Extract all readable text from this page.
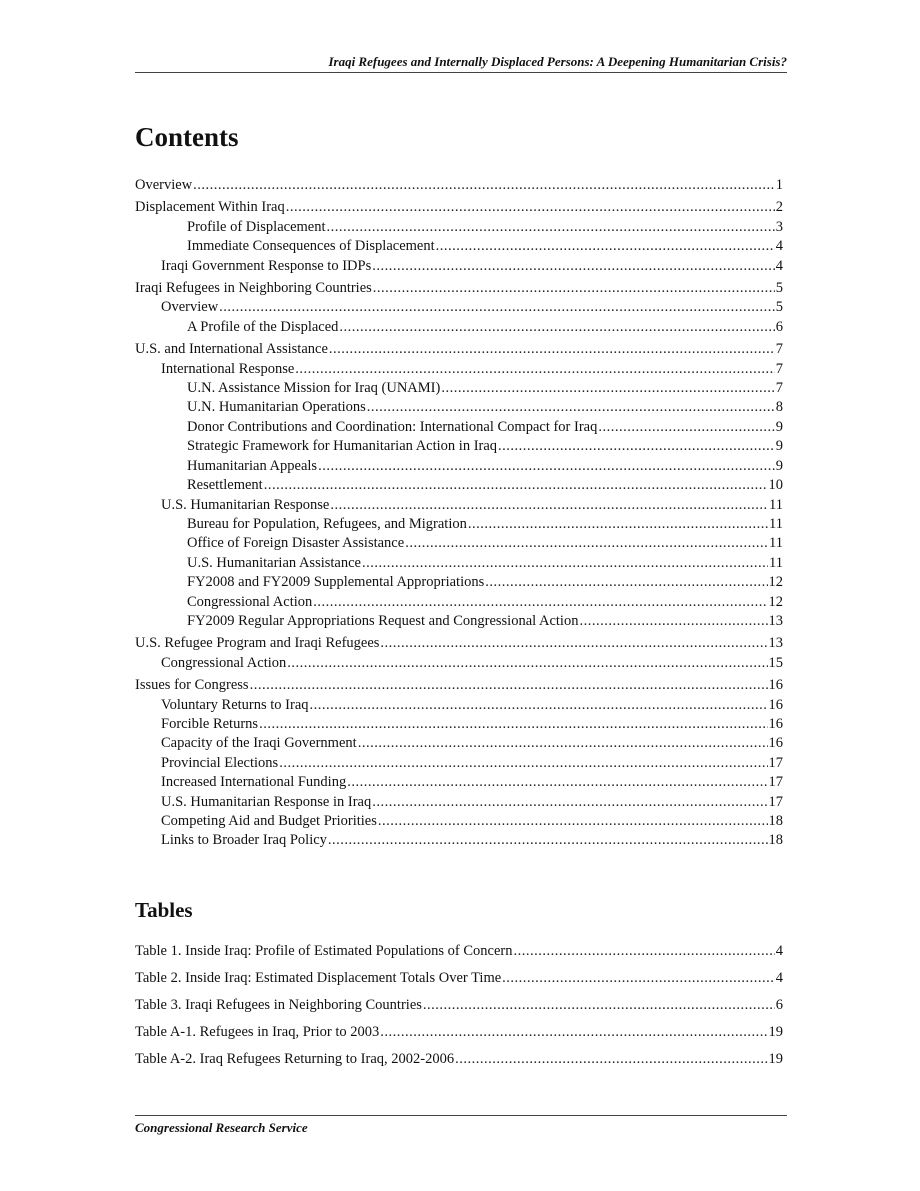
Iraqi Refugees and Internally Displaced Persons: A Deepening Humanitarian Crisis?
Contents
Overview .....	1
Displacement Within Iraq .....	2
Profile of Displacement .....	3
Immediate Consequences of Displacement .....	4
Iraqi Government Response to IDPs .....	4
Iraqi Refugees in Neighboring Countries .....	5
Overview .....	5
A Profile of the Displaced .....	6
U.S. and International Assistance .....	7
International Response .....	7
U.N. Assistance Mission for Iraq (UNAMI) .....	7
U.N. Humanitarian Operations .....	8
Donor Contributions and Coordination: International Compact for Iraq .....	9
Strategic Framework for Humanitarian Action in Iraq .....	9
Humanitarian Appeals .....	9
Resettlement .....	10
U.S. Humanitarian Response .....	11
Bureau for Population, Refugees, and Migration .....	11
Office of Foreign Disaster Assistance .....	11
U.S. Humanitarian Assistance .....	11
FY2008 and FY2009 Supplemental Appropriations .....	12
Congressional Action .....	12
FY2009 Regular Appropriations Request and Congressional Action .....	13
U.S. Refugee Program and Iraqi Refugees .....	13
Congressional Action .....	15
Issues for Congress .....	16
Voluntary Returns to Iraq .....	16
Forcible Returns .....	16
Capacity of the Iraqi Government .....	16
Provincial Elections .....	17
Increased International Funding .....	17
U.S. Humanitarian Response in Iraq .....	17
Competing Aid and Budget Priorities .....	18
Links to Broader Iraq Policy .....	18
Tables
Table 1. Inside Iraq: Profile of Estimated Populations of Concern .....	4
Table 2. Inside Iraq: Estimated Displacement Totals Over Time .....	4
Table 3. Iraqi Refugees in Neighboring Countries .....	6
Table A-1. Refugees in Iraq, Prior to 2003 .....	19
Table A-2. Iraq Refugees Returning to Iraq, 2002-2006 .....	19
Congressional Research Service
